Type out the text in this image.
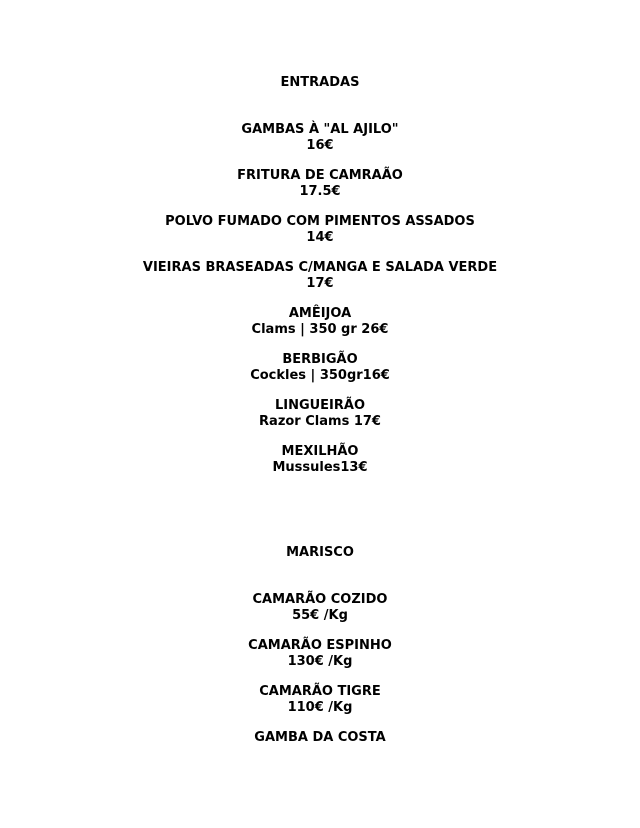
ENTRADAS
GAMBAS À "AL AJILO"
16€
FRITURA DE CAMRAÃO
17.5€
POLVO FUMADO COM PIMENTOS ASSADOS
14€
VIEIRAS BRASEADAS C/MANGA E SALADA VERDE
17€
AMÊIJOA
Clams | 350 gr 26€
BERBIGÃO
Cockles | 350gr16€
LINGUEIRÃO
Razor Clams 17€
MEXILHÃO
Mussules13€
MARISCO
CAMARÃO COZIDO
55€ /Kg
CAMARÃO ESPINHO
130€ /Kg
CAMARÃO TIGRE
110€ /Kg
GAMBA DA COSTA
